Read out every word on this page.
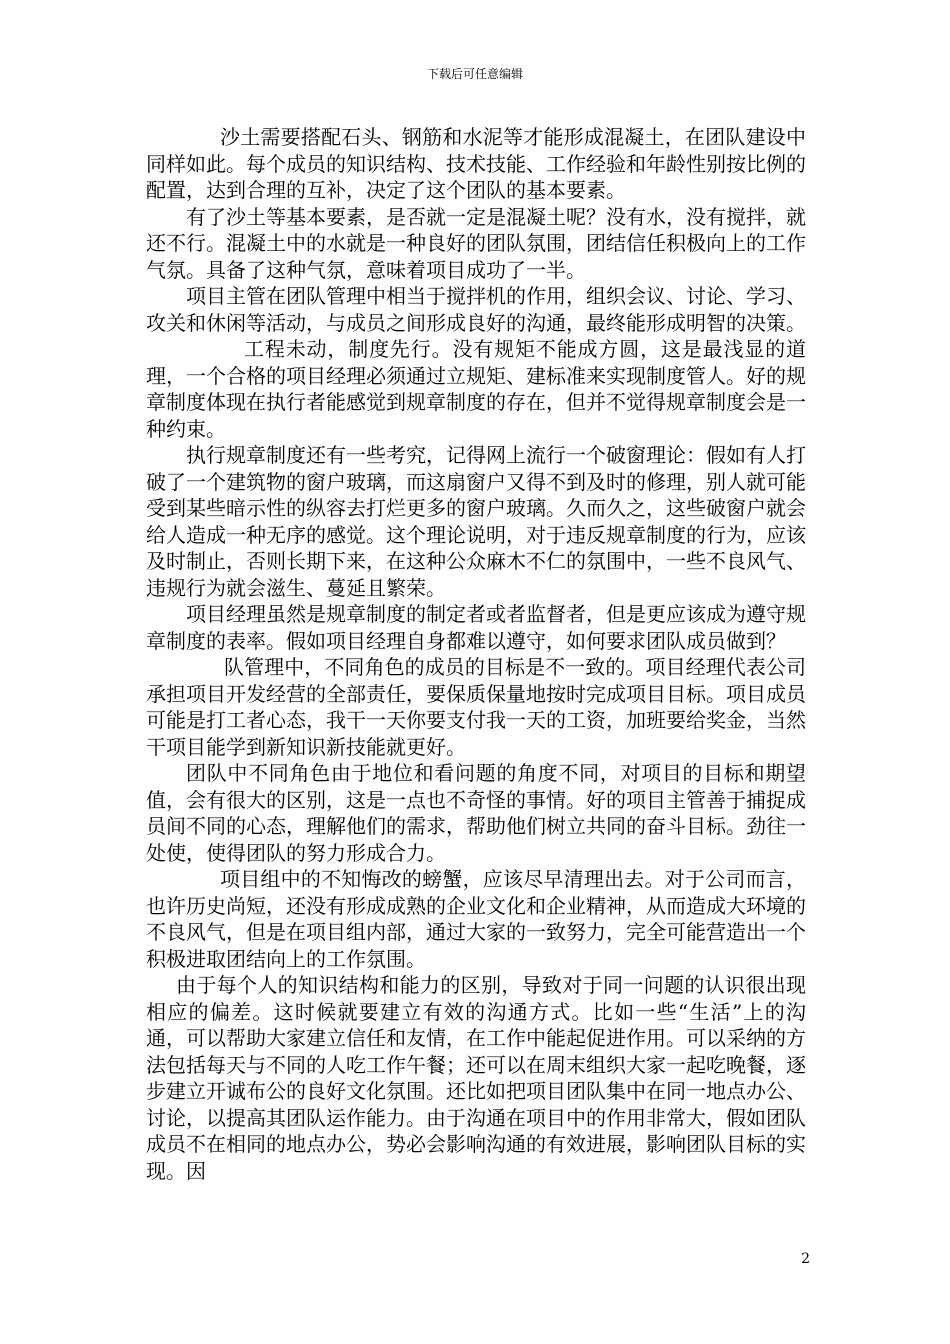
下载后可任意编辑

沙土需要搭配石头、钢筋和水泥等才能形成混凝土，在团队建设中同样如此。每个成员的知识结构、技术技能、工作经验和年龄性别按比例的配置，达到合理的互补，决定了这个团队的基本要素。

有了沙土等基本要素，是否就一定是混凝土呢？没有水，没有搅拌，就还不行。混凝土中的水就是一种良好的团队氛围，团结信任积极向上的工作气氛。具备了这种气氛，意味着项目成功了一半。

项目主管在团队管理中相当于搅拌机的作用，组织会议、讨论、学习、攻关和休闲等活动，与成员之间形成良好的沟通，最终能形成明智的决策。

工程未动，制度先行。没有规矩不能成方圆，这是最浅显的道理，一个合格的项目经理必须通过立规矩、建标准来实现制度管人。好的规章制度体现在执行者能感觉到规章制度的存在，但并不觉得规章制度会是一种约束。

执行规章制度还有一些考究，记得网上流行一个破窗理论：假如有人打破了一个建筑物的窗户玻璃，而这扇窗户又得不到及时的修理，别人就可能受到某些暗示性的纵容去打烂更多的窗户玻璃。久而久之，这些破窗户就会给人造成一种无序的感觉。这个理论说明，对于违反规章制度的行为，应该及时制止，否则长期下来，在这种公众麻木不仁的氛围中，一些不良风气、违规行为就会滋生、蔓延且繁荣。

项目经理虽然是规章制度的制定者或者监督者，但是更应该成为遵守规章制度的表率。假如项目经理自身都难以遵守，如何要求团队成员做到？

队管理中，不同角色的成员的目标是不一致的。项目经理代表公司承担项目开发经营的全部责任，要保质保量地按时完成项目目标。项目成员可能是打工者心态，我干一天你要支付我一天的工资，加班要给奖金，当然干项目能学到新知识新技能就更好。

团队中不同角色由于地位和看问题的角度不同，对项目的目标和期望值，会有很大的区别，这是一点也不奇怪的事情。好的项目主管善于捕捉成员间不同的心态，理解他们的需求，帮助他们树立共同的奋斗目标。劲往一处使，使得团队的努力形成合力。

项目组中的不知悔改的螃蟹，应该尽早清理出去。对于公司而言，也许历史尚短，还没有形成成熟的企业文化和企业精神，从而造成大环境的不良风气，但是在项目组内部，通过大家的一致努力，完全可能营造出一个积极进取团结向上的工作氛围。

由于每个人的知识结构和能力的区别，导致对于同一问题的认识很出现相应的偏差。这时候就要建立有效的沟通方式。比如一些“生活”上的沟通，可以帮助大家建立信任和友情，在工作中能起促进作用。可以采纳的方法包括每天与不同的人吃工作午餐；还可以在周末组织大家一起吃晚餐，逐步建立开诚布公的良好文化氛围。还比如把项目团队集中在同一地点办公、讨论，以提高其团队运作能力。由于沟通在项目中的作用非常大，假如团队成员不在相同的地点办公，势必会影响沟通的有效进展，影响团队目标的实现。因

2
